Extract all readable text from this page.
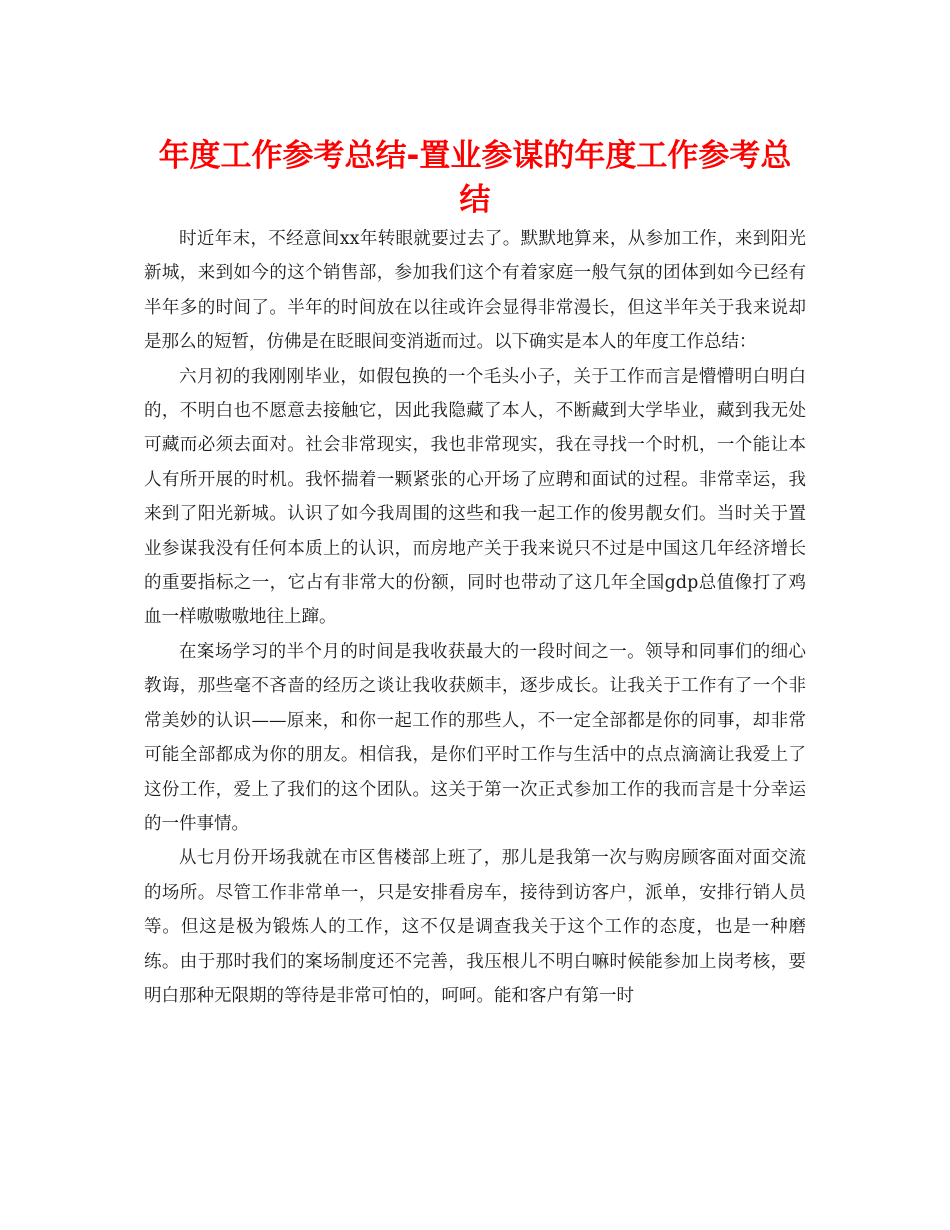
年度工作参考总结-置业参谋的年度工作参考总结

时近年末，不经意间xx年转眼就要过去了。默默地算来，从参加工作，来到阳光新城，来到如今的这个销售部，参加我们这个有着家庭一般气氛的团体到如今已经有半年多的时间了。半年的时间放在以往或许会显得非常漫长，但这半年关于我来说却是那么的短暂，仿佛是在眨眼间变消逝而过。以下确实是本人的年度工作总结：

六月初的我刚刚毕业，如假包换的一个毛头小子，关于工作而言是懵懵明白明白的，不明白也不愿意去接触它，因此我隐藏了本人，不断藏到大学毕业，藏到我无处可藏而必须去面对。社会非常现实，我也非常现实，我在寻找一个时机，一个能让本人有所开展的时机。我怀揣着一颗紧张的心开场了应聘和面试的过程。非常幸运，我来到了阳光新城。认识了如今我周围的这些和我一起工作的俊男靓女们。当时关于置业参谋我没有任何本质上的认识，而房地产关于我来说只不过是中国这几年经济增长的重要指标之一，它占有非常大的份额，同时也带动了这几年全国gdp总值像打了鸡血一样嗷嗷嗷地往上蹿。

在案场学习的半个月的时间是我收获最大的一段时间之一。领导和同事们的细心教诲，那些毫不吝啬的经历之谈让我收获颇丰，逐步成长。让我关于工作有了一个非常美妙的认识——原来，和你一起工作的那些人，不一定全部都是你的同事，却非常可能全部都成为你的朋友。相信我，是你们平时工作与生活中的点点滴滴让我爱上了这份工作，爱上了我们的这个团队。这关于第一次正式参加工作的我而言是十分幸运的一件事情。

从七月份开场我就在市区售楼部上班了，那儿是我第一次与购房顾客面对面交流的场所。尽管工作非常单一，只是安排看房车，接待到访客户，派单，安排行销人员等。但这是极为锻炼人的工作，这不仅是调查我关于这个工作的态度，也是一种磨练。由于那时我们的案场制度还不完善，我压根儿不明白嘛时候能参加上岗考核，要明白那种无限期的等待是非常可怕的，呵呵。能和客户有第一时
